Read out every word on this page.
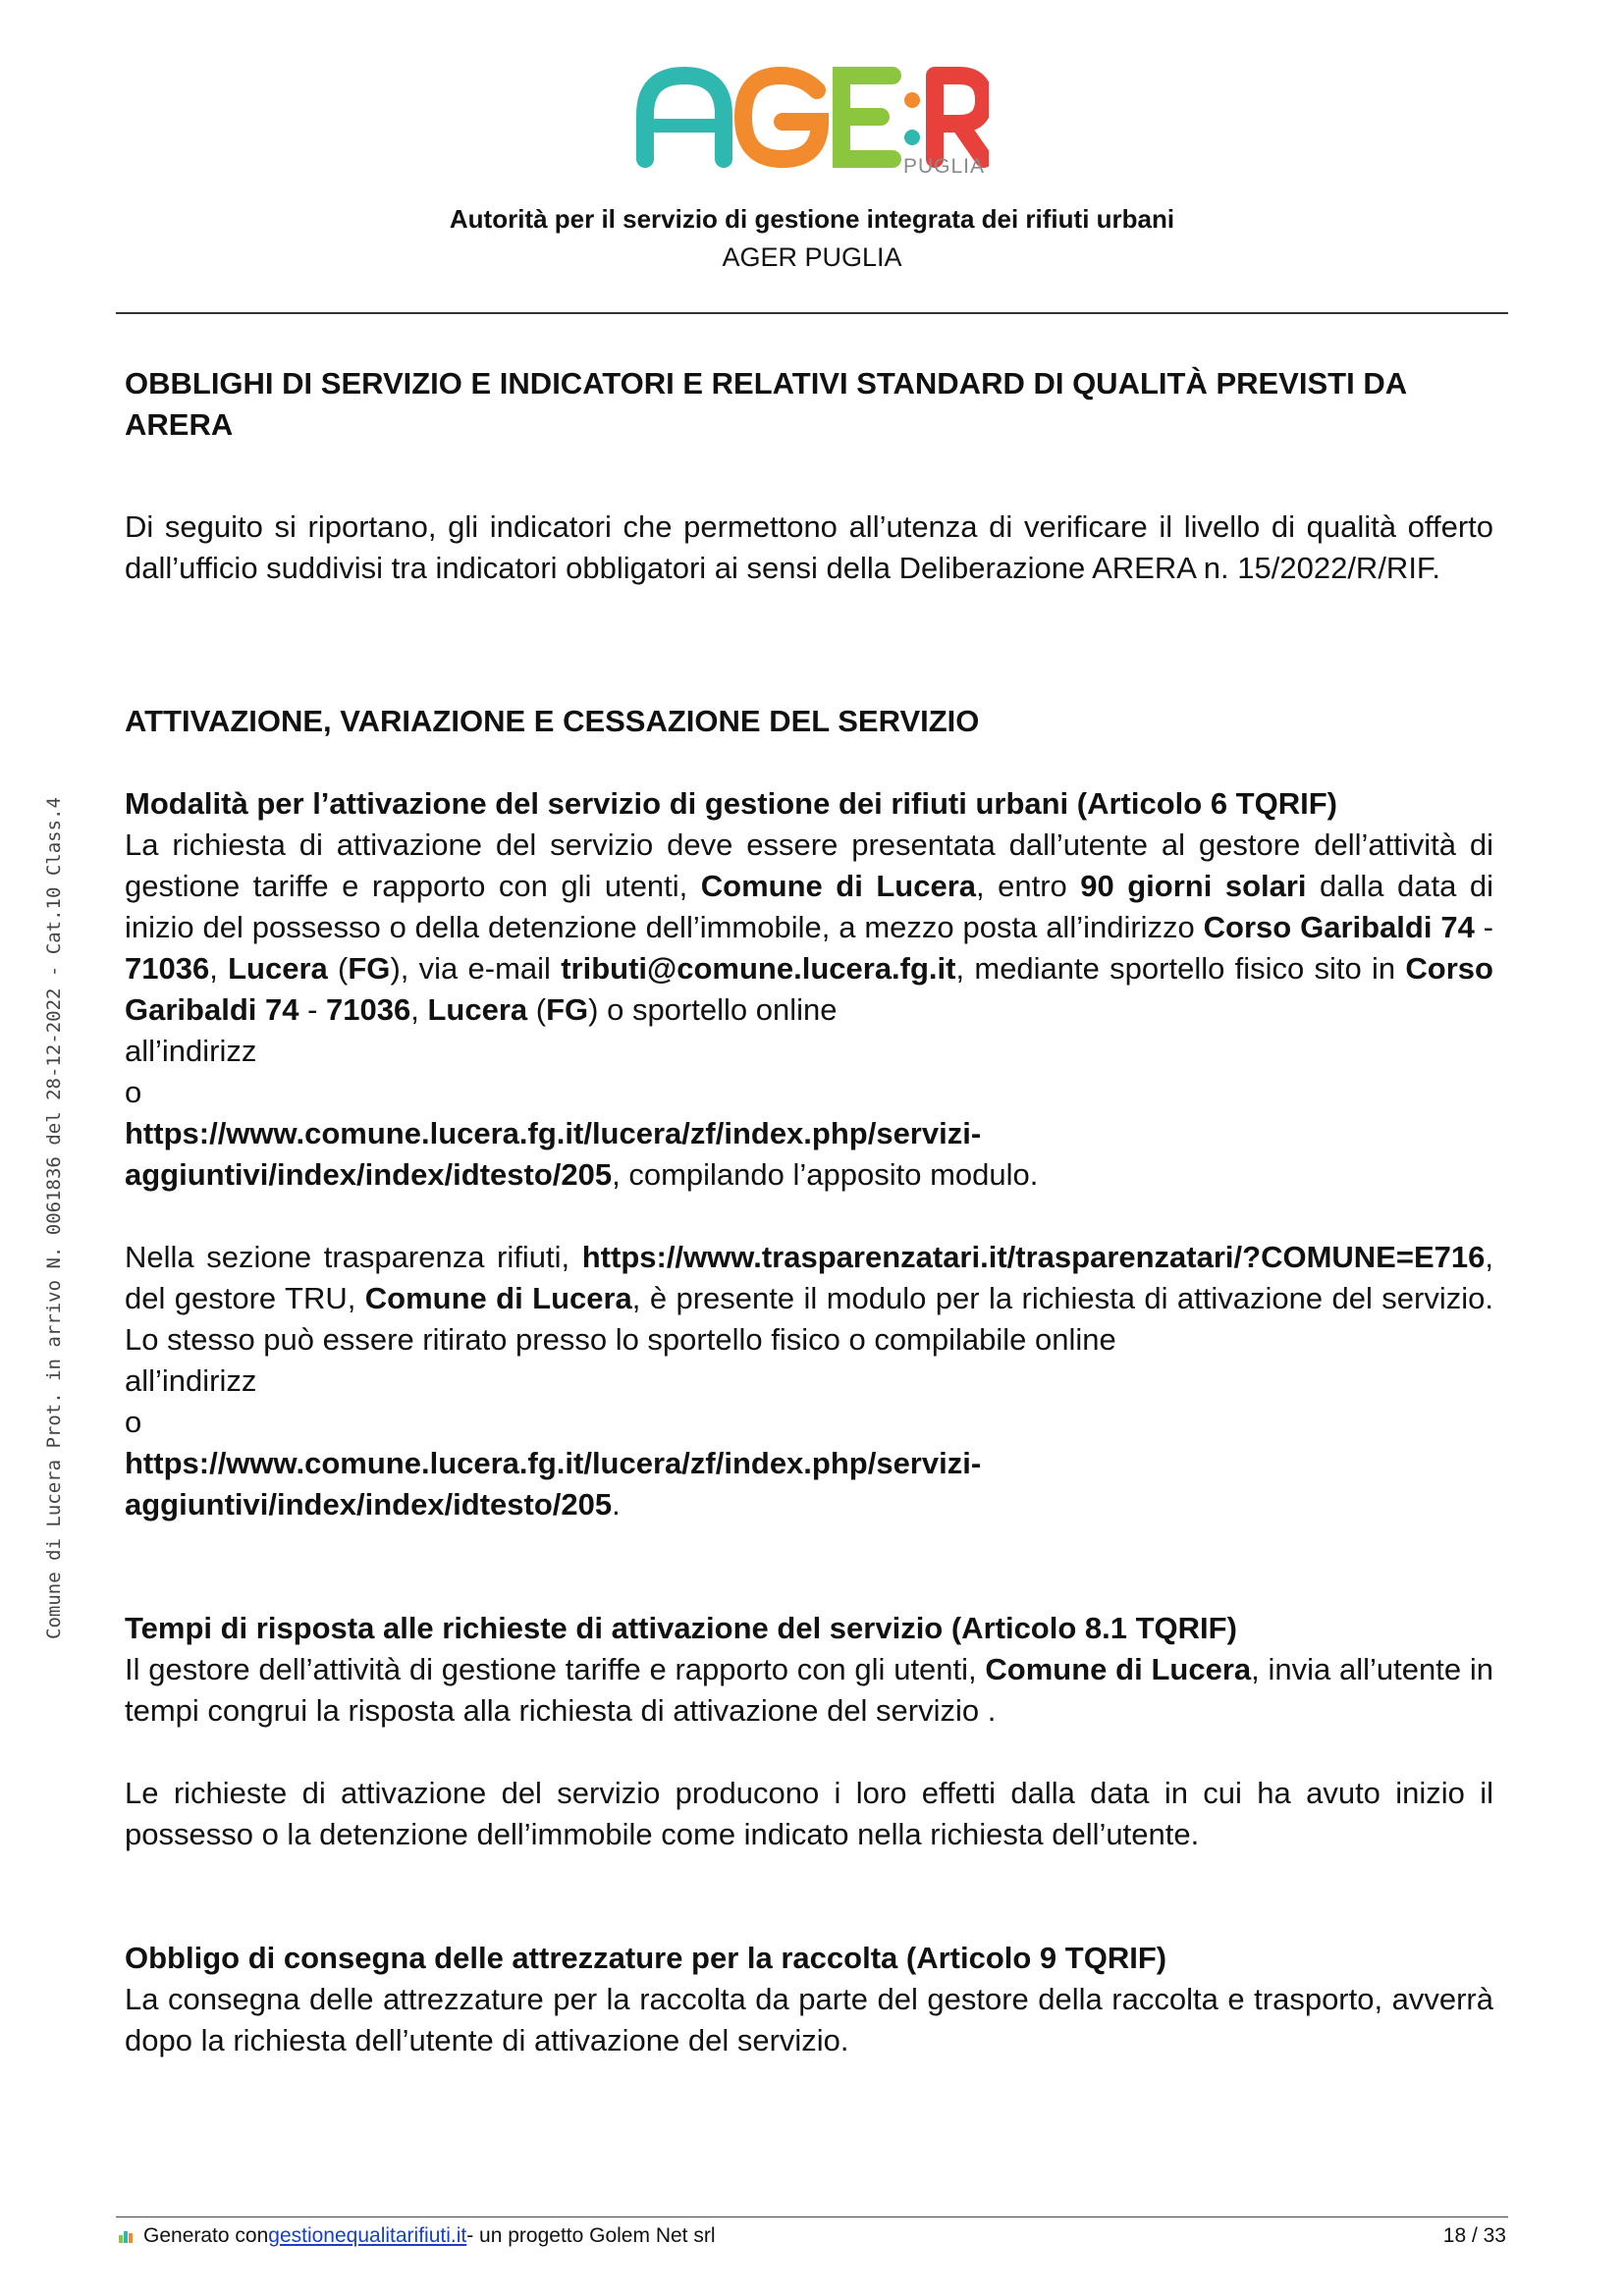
PUGLIA
Autorità per il servizio di gestione integrata dei rifiuti urbani
AGER PUGLIA
Comune di Lucera Prot. in arrivo N. 0061836 del 28-12-2022 - Cat.10 Class.4

OBBLIGHI DI SERVIZIO E INDICATORI E RELATIVI STANDARD DI QUALITÀ PREVISTI DA ARERA

Di seguito si riportano, gli indicatori che permettono all’utenza di verificare il livello di qualità offerto dall’ufficio suddivisi tra indicatori obbligatori ai sensi della Deliberazione ARERA n. 15/2022/R/RIF.

ATTIVAZIONE, VARIAZIONE E CESSAZIONE DEL SERVIZIO

Modalità per l’attivazione del servizio di gestione dei rifiuti urbani (Articolo 6 TQRIF)

La richiesta di attivazione del servizio deve essere presentata dall’utente al gestore dell’attività di gestione tariffe e rapporto con gli utenti, Comune di Lucera, entro 90 giorni solari dalla data di inizio del possesso o della detenzione dell’immobile, a mezzo posta all’indirizzo Corso Garibaldi 74 - 71036, Lucera (FG), via e-mail tributi@comune.lucera.fg.it, mediante sportello fisico sito in Corso Garibaldi 74 - 71036, Lucera (FG) o sportello online

all’indirizz

o

https://www.comune.lucera.fg.it/lucera/zf/index.php/servizi-
aggiuntivi/index/index/idtesto/205, compilando l’apposito modulo.

Nella sezione trasparenza rifiuti, https://www.trasparenzatari.it/trasparenzatari/?COMUNE=E716, del gestore TRU, Comune di Lucera, è presente il modulo per la richiesta di attivazione del servizio. Lo stesso può essere ritirato presso lo sportello fisico o compilabile online

all’indirizz

o

https://www.comune.lucera.fg.it/lucera/zf/index.php/servizi-
aggiuntivi/index/index/idtesto/205.

Tempi di risposta alle richieste di attivazione del servizio (Articolo 8.1 TQRIF)

Il gestore dell’attività di gestione tariffe e rapporto con gli utenti, Comune di Lucera, invia all’utente in tempi congrui la risposta alla richiesta di attivazione del servizio .

Le richieste di attivazione del servizio producono i loro effetti dalla data in cui ha avuto inizio il possesso o la detenzione dell’immobile come indicato nella richiesta dell’utente.

Obbligo di consegna delle attrezzature per la raccolta (Articolo 9 TQRIF)

La consegna delle attrezzature per la raccolta da parte del gestore della raccolta e trasporto, avverrà dopo la richiesta dell’utente di attivazione del servizio.

Generato con gestionequalitarifiuti.it - un progetto Golem Net srl	18 / 33
